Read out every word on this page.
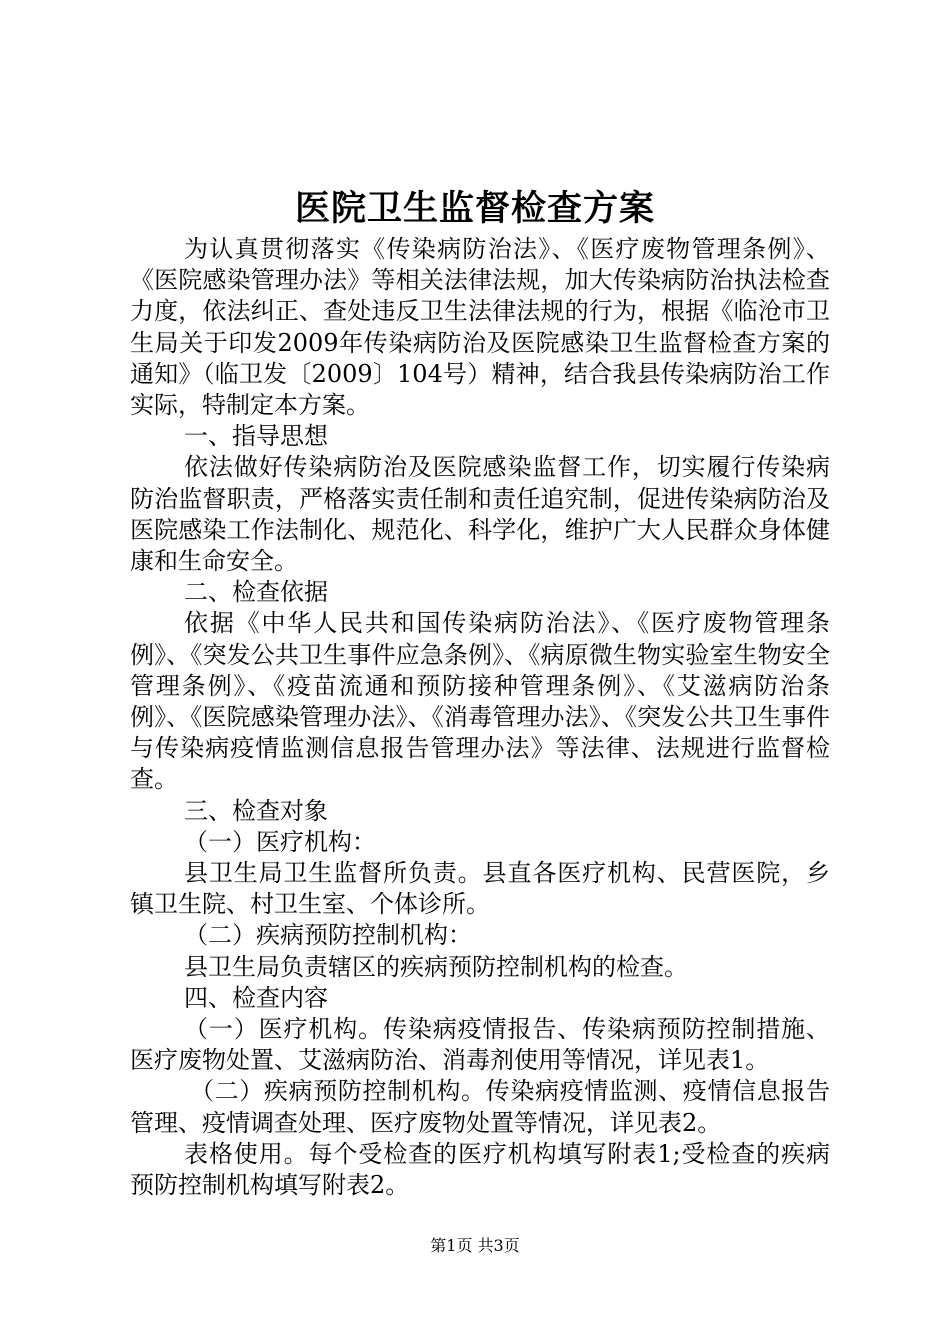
医院卫生监督检查方案

为认真贯彻落实《传染病防治法》、《医疗废物管理条例》、《医院感染管理办法》等相关法律法规，加大传染病防治执法检查力度，依法纠正、查处违反卫生法律法规的行为，根据《临沧市卫生局关于印发2009年传染病防治及医院感染卫生监督检查方案的通知》（临卫发〔2009〕104号）精神，结合我县传染病防治工作实际，特制定本方案。

一、指导思想

依法做好传染病防治及医院感染监督工作，切实履行传染病防治监督职责，严格落实责任制和责任追究制，促进传染病防治及医院感染工作法制化、规范化、科学化，维护广大人民群众身体健康和生命安全。

二、检查依据

依据《中华人民共和国传染病防治法》、《医疗废物管理条例》、《突发公共卫生事件应急条例》、《病原微生物实验室生物安全管理条例》、《疫苗流通和预防接种管理条例》、《艾滋病防治条例》、《医院感染管理办法》、《消毒管理办法》、《突发公共卫生事件与传染病疫情监测信息报告管理办法》等法律、法规进行监督检查。

三、检查对象

（一）医疗机构：

县卫生局卫生监督所负责。县直各医疗机构、民营医院，乡镇卫生院、村卫生室、个体诊所。

（二）疾病预防控制机构：

县卫生局负责辖区的疾病预防控制机构的检查。

四、检查内容

（一）医疗机构。传染病疫情报告、传染病预防控制措施、医疗废物处置、艾滋病防治、消毒剂使用等情况，详见表1。

（二）疾病预防控制机构。传染病疫情监测、疫情信息报告管理、疫情调查处理、医疗废物处置等情况，详见表2。

表格使用。每个受检查的医疗机构填写附表1;受检查的疾病预防控制机构填写附表2。

第1页 共3页
